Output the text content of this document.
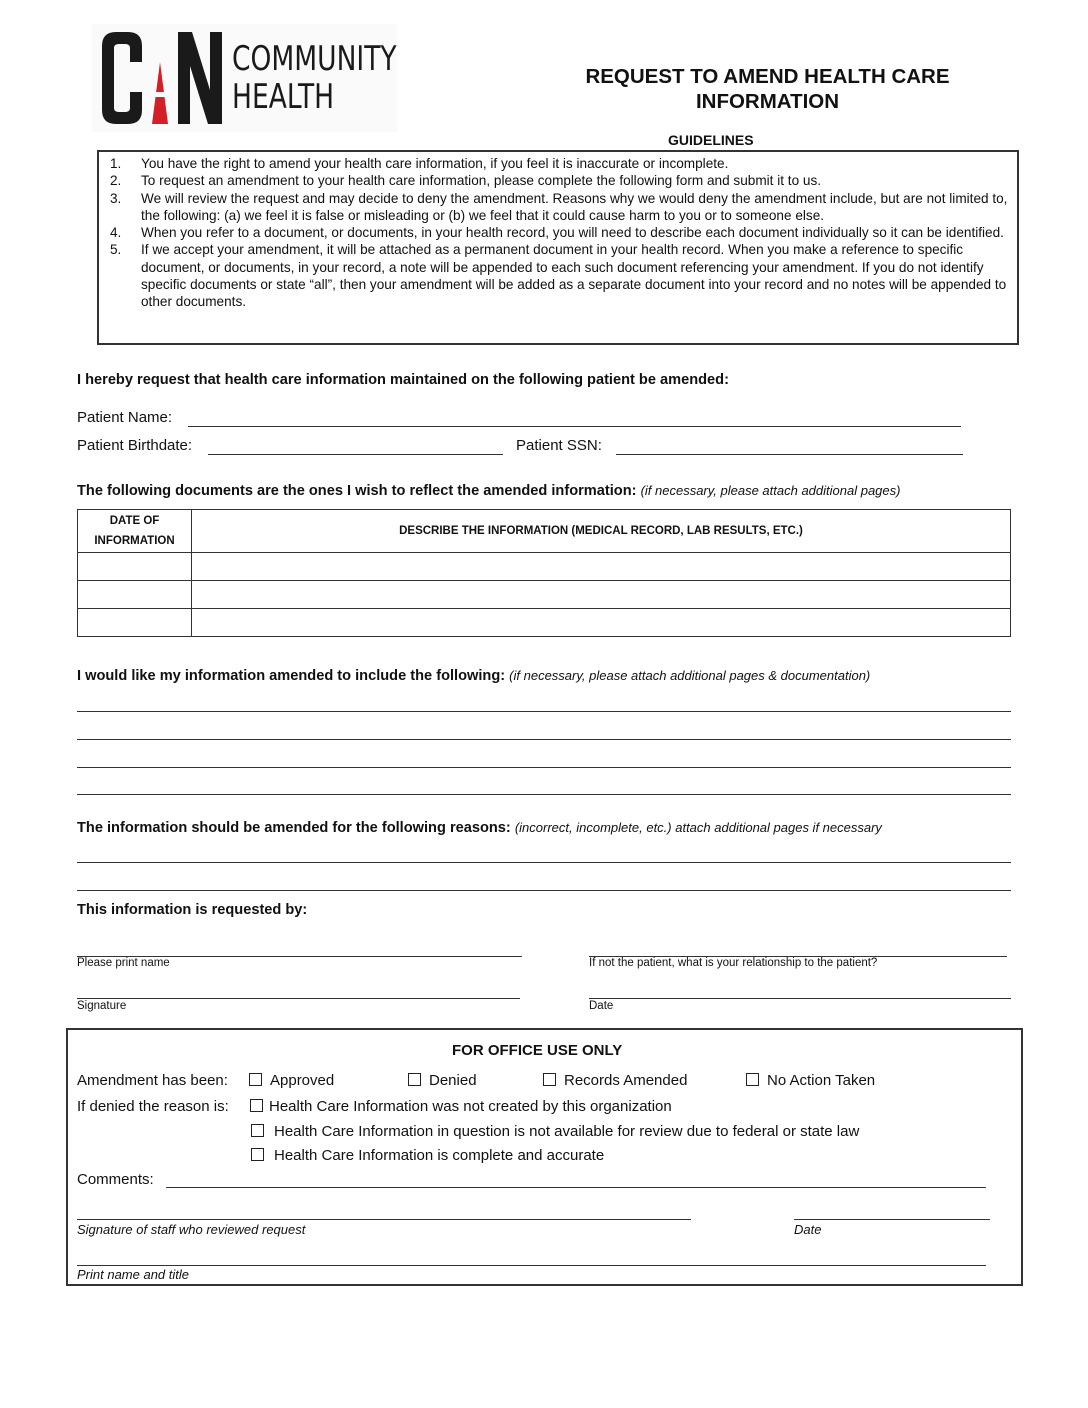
COMMUNITY
HEALTH
REQUEST TO AMEND HEALTH CARE
INFORMATION
GUIDELINES
1. You have the right to amend your health care information, if you feel it is inaccurate or incomplete.
2. To request an amendment to your health care information, please complete the following form and submit it to us.
3. We will review the request and may decide to deny the amendment. Reasons why we would deny the amendment include, but are not limited to, the following: (a) we feel it is false or misleading or (b) we feel that it could cause harm to you or to someone else.
4. When you refer to a document, or documents, in your health record, you will need to describe each document individually so it can be identified.
5. If we accept your amendment, it will be attached as a permanent document in your health record. When you make a reference to specific document, or documents, in your record, a note will be appended to each such document referencing your amendment. If you do not identify specific documents or state “all”, then your amendment will be added as a separate document into your record and no notes will be appended to other documents.
I hereby request that health care information maintained on the following patient be amended:
Patient Name:
Patient Birthdate:	Patient SSN:
The following documents are the ones I wish to reflect the amended information: (if necessary, please attach additional pages)
DATE OF
INFORMATION	DESCRIBE THE INFORMATION (MEDICAL RECORD, LAB RESULTS, ETC.)

I would like my information amended to include the following: (if necessary, please attach additional pages & documentation)
The information should be amended for the following reasons: (incorrect, incomplete, etc.) attach additional pages if necessary
This information is requested by:
Please print name	If not the patient, what is your relationship to the patient?
Signature	Date
FOR OFFICE USE ONLY
Amendment has been:	Approved	Denied	Records Amended	No Action Taken
If denied the reason is:	Health Care Information was not created by this organization
Health Care Information in question is not available for review due to federal or state law
Health Care Information is complete and accurate
Comments:
Signature of staff who reviewed request	Date
Print name and title
